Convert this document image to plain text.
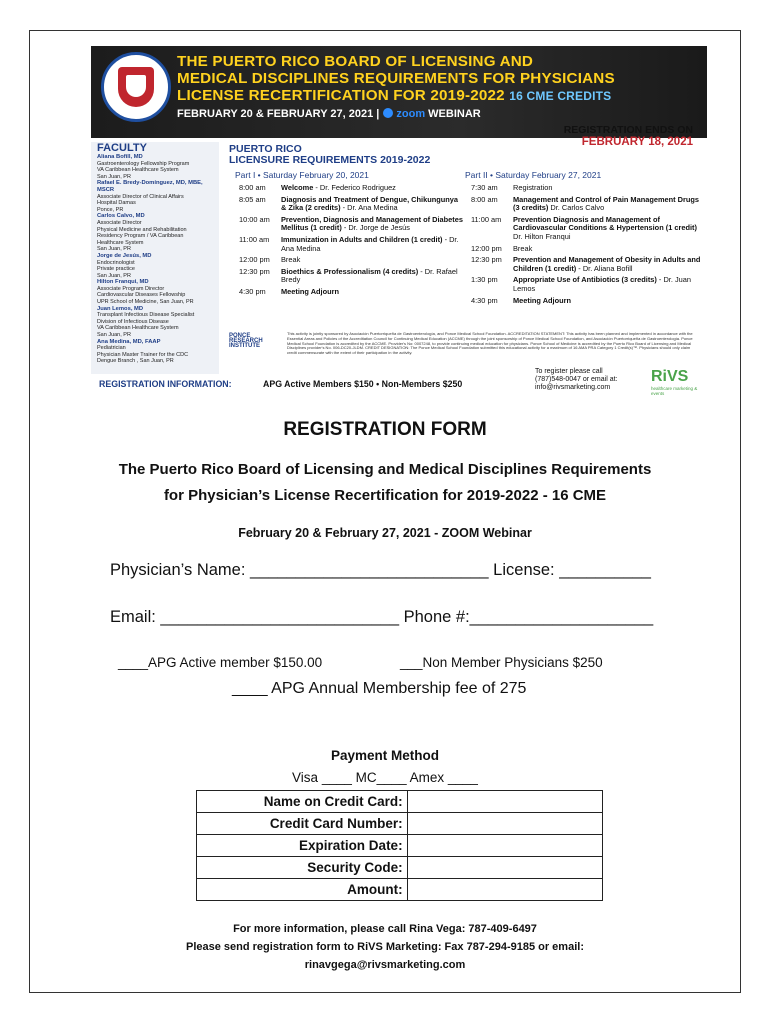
THE PUERTO RICO BOARD OF LICENSING AND
MEDICAL DISCIPLINES REQUIREMENTS FOR PHYSICIANS
LICENSE RECERTIFICATION FOR 2019-2022 16 CME CREDITS
FEBRUARY 20 & FEBRUARY 27, 2021 | zoom WEBINAR
REGISTRATION ENDS ON
FEBRUARY 18, 2021
FACULTY
Aliana Bofill, MD
Gastroenterology Fellowship Program
VA Caribbean Healthcare System
San Juan, PR
Rafael E. Bredy-Domínguez, MD, MBE, MSCR
Associate Director of Clinical Affairs
Hospital Damas
Ponce, PR
Carlos Calvo, MD
Associate Director
Physical Medicine and Rehabilitation
Residency Program / VA Caribbean
Healthcare System
San Juan, PR
Jorge de Jesús, MD
Endocrinologist
Private practice
San Juan, PR
Hilton Franqui, MD
Associate Program Director
Cardiovascular Diseases Fellowship
UPR School of Medicine, San Juan, PR
Juan Lemos, MD
Transplant Infectious Disease Specialist
Division of Infectious Disease
VA Caribbean Healthcare System
San Juan, PR
Ana Medina, MD, FAAP
Pediatrician
Physician Master Trainer for the CDC
Dengue Branch , San Juan, PR
PUERTO RICO
LICENSURE REQUIREMENTS 2019-2022
Part I • Saturday February 20, 2021	Part II • Saturday February 27, 2021
8:00 am	Welcome - Dr. Federico Rodriguez
8:05 am	Diagnosis and Treatment of Dengue, Chikungunya & Zika (2 credits) - Dr. Ana Medina
10:00 am	Prevention, Diagnosis and Management of Diabetes Mellitus (1 credit) - Dr. Jorge de Jesús
11:00 am	Immunization in Adults and Children (1 credit) - Dr. Ana Medina
12:00 pm	Break
12:30 pm	Bioethics & Professionalism (4 credits) - Dr. Rafael Bredy
4:30 pm	Meeting Adjourn
7:30 am	Registration
8:00 am	Management and Control of Pain Management Drugs (3 credits) Dr. Carlos Calvo
11:00 am	Prevention Diagnosis and Management of Cardiovascular Conditions & Hypertension (1 credit) Dr. Hilton Franqui
12:00 pm	Break
12:30 pm	Prevention and Management of Obesity in Adults and Children (1 credit) - Dr. Aliana Bofill
1:30 pm	Appropriate Use of Antibiotics (3 credits) - Dr. Juan Lemos
4:30 pm	Meeting Adjourn
PONCE RESEARCH INSTITUTE
This activity is jointly sponsored by Asociación Puertorriqueña de Gastroenterología, and Ponce Medical School Foundation. ACCREDITATION STATEMENT: This activity has been planned and implemented in accordance with the Essential Areas and Policies of the Accreditation Council for Continuing Medical Education (ACCME) through the joint sponsorship of Ponce Medical School Foundation, and Asociación Puertorriqueña de Gastroenterología. Ponce Medical School Foundation is accredited by the ACCME. Provider's No: 0007248, to provide continuing medical education for physicians. Ponce School of Medicine is accredited by the Puerto Rico Board of Licensing and Medical Disciplines provider's No. 006-DC20-JLDM. CREDIT DESIGNATION: The Ponce Medical School Foundation submitted this educational activity for a maximum of 16 AMA PRA Category 1 Credit(s)™. Physicians should only claim credit commensurate with the extent of their participation in the activity.
To register please call
(787)548-0047 or email at:
info@rivsmarketing.com
RiVS
healthcare marketing & events
REGISTRATION INFORMATION:	APG Active Members $150 • Non-Members $250
REGISTRATION FORM
The Puerto Rico Board of Licensing and Medical Disciplines Requirements
for Physician’s License Recertification for 2019-2022 - 16 CME
February 20 & February 27, 2021 - ZOOM Webinar
Physician’s Name: __________________________ License: __________
Email: __________________________ Phone #:____________________
____APG Active member $150.00	___Non Member Physicians $250
____ APG Annual Membership fee of 275
Payment Method
Visa ____ MC____ Amex ____
Name on Credit Card:	
Credit Card Number:	
Expiration Date:	
Security Code:	
Amount:	
For more information, please call Rina Vega: 787-409-6497
Please send registration form to RiVS Marketing: Fax 787-294-9185 or email:
rinavgega@rivsmarketing.com
